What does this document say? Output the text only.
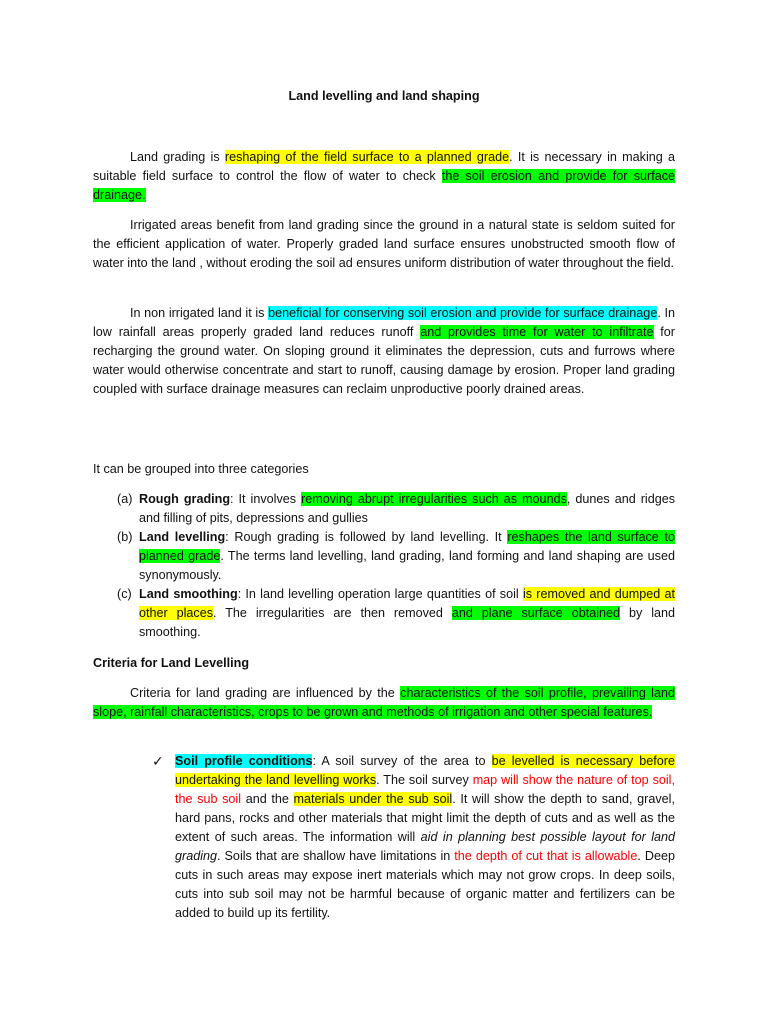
Land levelling and land shaping

Land grading is reshaping of the field surface to a planned grade. It is necessary in making a suitable field surface to control the flow of water to check the soil erosion and provide for surface drainage.

Irrigated areas benefit from land grading since the ground in a natural state is seldom suited for the efficient application of water. Properly graded land surface ensures unobstructed smooth flow of water into the land , without eroding the soil ad ensures uniform distribution of water throughout the field.

In non irrigated land it is beneficial for conserving soil erosion and provide for surface drainage. In low rainfall areas properly graded land reduces runoff and provides time for water to infiltrate for recharging the ground water. On sloping ground it eliminates the depression, cuts and furrows where water would otherwise concentrate and start to runoff, causing damage by erosion. Proper land grading coupled with surface drainage measures can reclaim unproductive poorly drained areas.

It can be grouped into three categories
(a) Rough grading: It involves removing abrupt irregularities such as mounds, dunes and ridges and filling of pits, depressions and gullies
(b) Land levelling: Rough grading is followed by land levelling. It reshapes the land surface to planned grade. The terms land levelling, land grading, land forming and land shaping are used synonymously.
(c) Land smoothing: In land levelling operation large quantities of soil is removed and dumped at other places. The irregularities are then removed and plane surface obtained by land smoothing.
Criteria for Land Levelling

Criteria for land grading are influenced by the characteristics of the soil profile, prevailing land slope, rainfall characteristics, crops to be grown and methods of irrigation and other special features.

✓ Soil profile conditions: A soil survey of the area to be levelled is necessary before undertaking the land levelling works. The soil survey map will show the nature of top soil, the sub soil and the materials under the sub soil. It will show the depth to sand, gravel, hard pans, rocks and other materials that might limit the depth of cuts and as well as the extent of such areas. The information will aid in planning best possible layout for land grading. Soils that are shallow have limitations in the depth of cut that is allowable. Deep cuts in such areas may expose inert materials which may not grow crops. In deep soils, cuts into sub soil may not be harmful because of organic matter and fertilizers can be added to build up its fertility.
